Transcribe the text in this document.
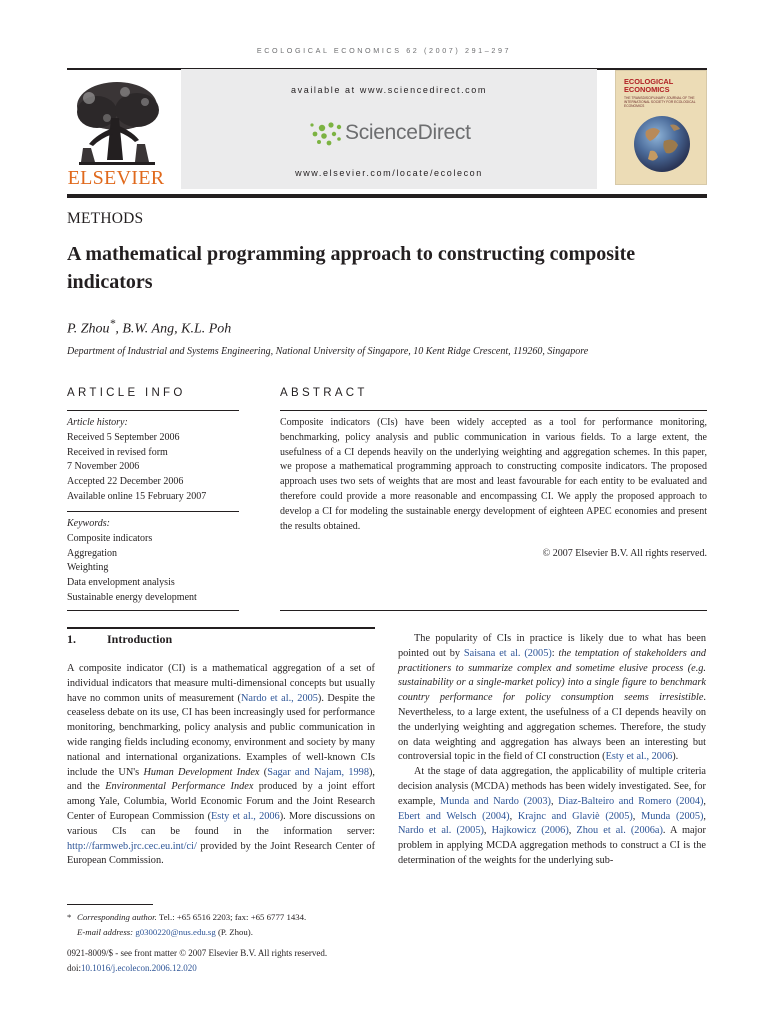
ECOLOGICAL ECONOMICS 62 (2007) 291–297
ELSEVIER
available at www.sciencedirect.com
ScienceDirect
www.elsevier.com/locate/ecolecon
ECOLOGICAL
ECONOMICS
THE TRANSDISCIPLINARY JOURNAL OF THE INTERNATIONAL SOCIETY FOR ECOLOGICAL ECONOMICS
METHODS
A mathematical programming approach to constructing composite indicators
P. Zhou*, B.W. Ang, K.L. Poh
Department of Industrial and Systems Engineering, National University of Singapore, 10 Kent Ridge Crescent, 119260, Singapore
ARTICLE INFO
Article history:
Received 5 September 2006
Received in revised form
7 November 2006
Accepted 22 December 2006
Available online 15 February 2007
Keywords:
Composite indicators
Aggregation
Weighting
Data envelopment analysis
Sustainable energy development
ABSTRACT
Composite indicators (CIs) have been widely accepted as a tool for performance monitoring, benchmarking, policy analysis and public communication in various fields. To a large extent, the usefulness of a CI depends heavily on the underlying weighting and aggregation schemes. In this paper, we propose a mathematical programming approach to constructing composite indicators. The proposed approach uses two sets of weights that are most and least favourable for each entity to be evaluated and therefore could provide a more reasonable and encompassing CI. We apply the proposed approach to develop a CI for modeling the sustainable energy development of eighteen APEC economies and present the results obtained.
© 2007 Elsevier B.V. All rights reserved.
1.	Introduction

A composite indicator (CI) is a mathematical aggregation of a set of individual indicators that measure multi-dimensional concepts but usually have no common units of measurement (Nardo et al., 2005). Despite the ceaseless debate on its use, CI has been increasingly used for performance monitoring, benchmarking, policy analysis and public communication in wide ranging fields including economy, environment and society by many national and international organizations. Examples of well-known CIs include the UN's Human Development Index (Sagar and Najam, 1998), and the Environmental Performance Index produced by a joint effort among Yale, Columbia, World Economic Forum and the Joint Research Center of European Commission (Esty et al., 2006). More discussions on various CIs can be found in the information server: http://farmweb.jrc.cec.eu.int/ci/ provided by the Joint Research Center of European Commission.

The popularity of CIs in practice is likely due to what has been pointed out by Saisana et al. (2005): the temptation of stakeholders and practitioners to summarize complex and sometime elusive process (e.g. sustainability or a single-market policy) into a single figure to benchmark country performance for policy consumption seems irresistible. Nevertheless, to a large extent, the usefulness of a CI depends heavily on the underlying weighting and aggregation schemes. Therefore, the study on data weighting and aggregation has always been an interesting but controversial topic in the field of CI construction (Esty et al., 2006).

At the stage of data aggregation, the applicability of multiple criteria decision analysis (MCDA) methods has been widely investigated. See, for example, Munda and Nardo (2003), Diaz-Balteiro and Romero (2004), Ebert and Welsch (2004), Krajnc and Glaviè (2005), Munda (2005), Nardo et al. (2005), Hajkowicz (2006), Zhou et al. (2006a). A major problem in applying MCDA aggregation methods to construct a CI is the determination of the weights for the underlying sub-

* Corresponding author. Tel.: +65 6516 2203; fax: +65 6777 1434.
E-mail address: g0300220@nus.edu.sg (P. Zhou).
0921-8009/$ - see front matter © 2007 Elsevier B.V. All rights reserved.
doi:10.1016/j.ecolecon.2006.12.020
